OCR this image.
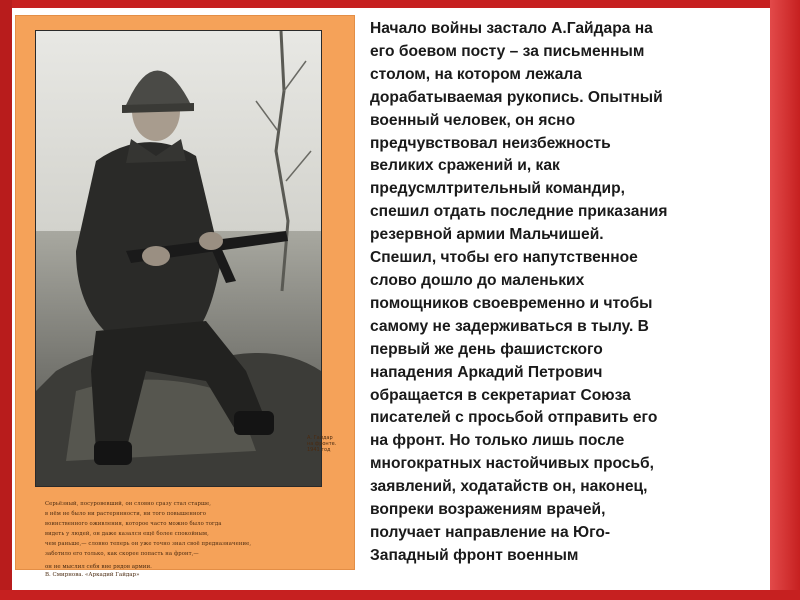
А. Гайдар
на фронте.
1941 год
Серьёзный, посуровевший, он словно сразу стал старше,
в нём не было ни растерянности, ни того повышенного
воинственного оживления, которое часто можно было тогда
видеть у людей, он даже казался ещё более спокойным,
чем раньше,— словно теперь он уже точно знал своё предназначение,
заботило его только, как скорее попасть на фронт,—
он не мыслил себя вне рядов армии.
В. Смирнова. «Аркадий Гайдар»
Начало войны застало А.Гайдара на
его боевом посту – за письменным
столом, на котором лежала
дорабатываемая рукопись. Опытный
военный человек, он ясно
предчувствовал неизбежность
великих сражений и, как
предусмлтрительный командир,
спешил отдать последние приказания
резервной армии Мальчишей.
Спешил, чтобы его напутственное
слово дошло до маленьких
помощников своевременно и чтобы
самому не задерживаться в тылу. В
первый же день фашистского
нападения Аркадий Петрович
обращается в секретариат Союза
писателей с просьбой отправить его
на фронт. Но только лишь после
многократных настойчивых просьб,
заявлений, ходатайств он, наконец,
вопреки возражениям врачей,
получает направление на Юго-
Западный фронт военным
